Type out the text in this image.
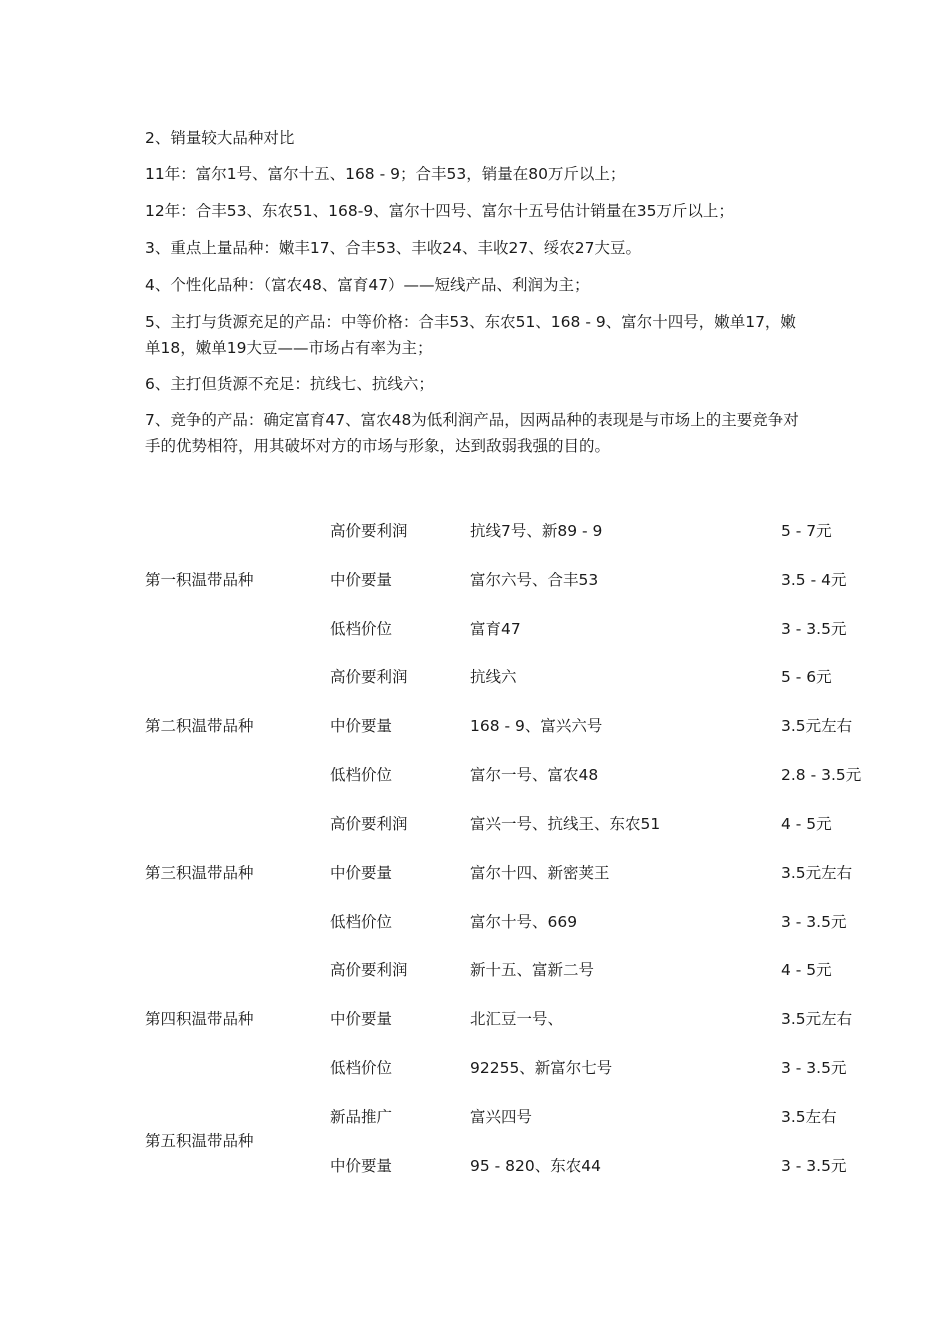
2、销量较大品种对比

11年：富尔1号、富尔十五、168 - 9；合丰53，销量在80万斤以上；

12年：合丰53、东农51、168-9、富尔十四号、富尔十五号估计销量在35万斤以上；

3、重点上量品种：嫩丰17、合丰53、丰收24、丰收27、绥农27大豆。

4、个性化品种：（富农48、富育47）——短线产品、利润为主；

5、主打与货源充足的产品：中等价格：合丰53、东农51、168 - 9、富尔十四号，嫩单17，嫩单18，嫩单19大豆——市场占有率为主；

6、主打但货源不充足：抗线七、抗线六；

7、竞争的产品：确定富育47、富农48为低利润产品，因两品种的表现是与市场上的主要竞争对手的优势相符，用其破坏对方的市场与形象，达到敌弱我强的目的。

第一积温带品种
高价要利润	抗线7号、新89 - 9	5 - 7元
中价要量	富尔六号、合丰53	3.5 - 4元
低档价位	富育47	3 - 3.5元
第二积温带品种
高价要利润	抗线六	5 - 6元
中价要量	168 - 9、富兴六号	3.5元左右
低档价位	富尔一号、富农48	2.8 - 3.5元
第三积温带品种
高价要利润	富兴一号、抗线王、东农51	4 - 5元
中价要量	富尔十四、新密荚王	3.5元左右
低档价位	富尔十号、669	3 - 3.5元
第四积温带品种
高价要利润	新十五、富新二号	4 - 5元
中价要量	北汇豆一号、	3.5元左右
低档价位	92255、新富尔七号	3 - 3.5元
第五积温带品种
新品推广	富兴四号	3.5左右
中价要量	95 - 820、东农44	3 - 3.5元
